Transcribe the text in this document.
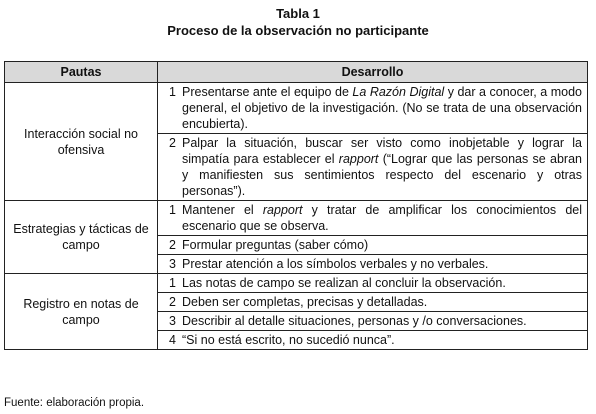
Tabla 1
Proceso de la observación no participante
Pautas	Desarrollo
Interacción social no ofensiva	1 Presentarse ante el equipo de La Razón Digital y dar a conocer, a modo general, el objetivo de la investigación. (No se trata de una observación encubierta).

	2 Palpar la situación, buscar ser visto como inobjetable y lograr la simpatía para establecer el rapport (“Lograr que las personas se abran y manifiesten sus sentimientos respecto del escenario y otras personas”).

Estrategias y tácticas de campo	1 Mantener el rapport y tratar de amplificar los conocimientos del escenario que se observa.

	2 Formular preguntas (saber cómo)

	3 Prestar atención a los símbolos verbales y no verbales.

Registro en notas de campo	1 Las notas de campo se realizan al concluir la observación.

	2 Deben ser completas, precisas y detalladas.

	3 Describir al detalle situaciones, personas y /o conversaciones.

	4 “Si no está escrito, no sucedió nunca”.
Fuente: elaboración propia.
